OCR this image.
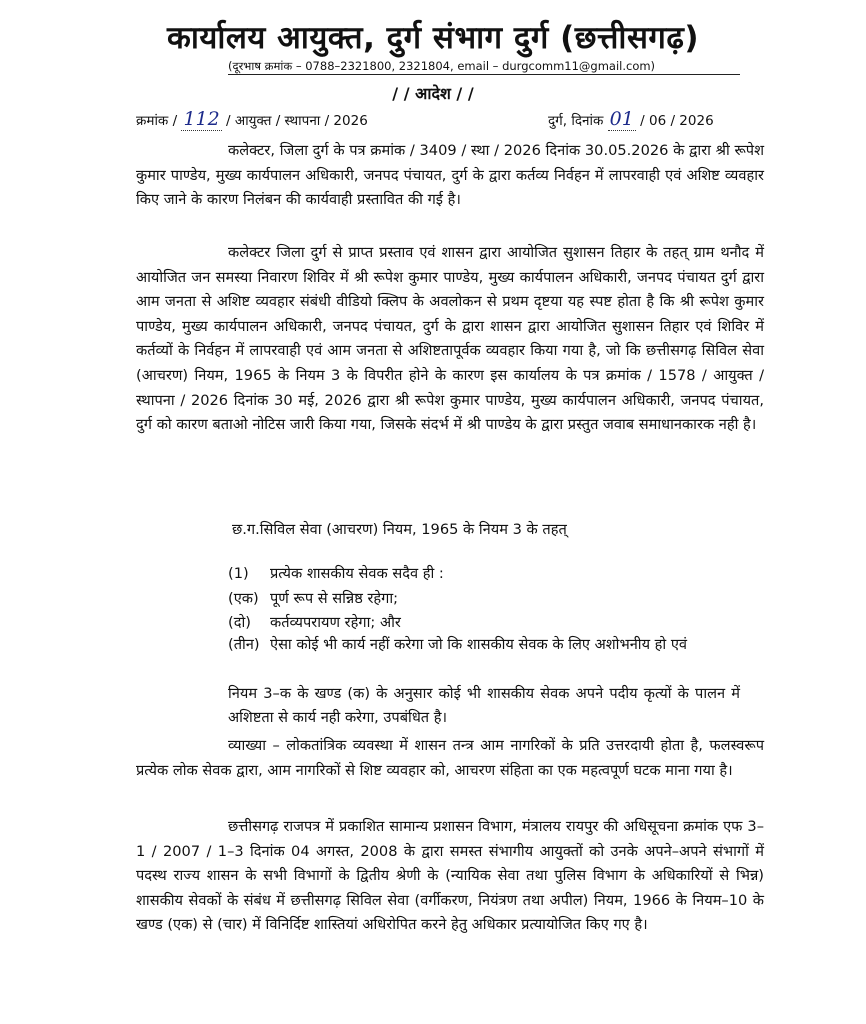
कार्यालय आयुक्त, दुर्ग संभाग दुर्ग (छत्तीसगढ़)
(दूरभाष क्रमांक – 0788–2321800, 2321804, email – durgcomm11@gmail.com)
/ / आदेश / /
क्रमांक / 112 / आयुक्त / स्थापना / 2026	दुर्ग, दिनांक 01 / 06 / 2026

कलेक्टर, जिला दुर्ग के पत्र क्रमांक / 3409 / स्था / 2026 दिनांक 30.05.2026 के द्वारा श्री रूपेश कुमार पाण्डेय, मुख्य कार्यपालन अधिकारी, जनपद पंचायत, दुर्ग के द्वारा कर्तव्य निर्वहन में लापरवाही एवं अशिष्ट व्यवहार किए जाने के कारण निलंबन की कार्यवाही प्रस्तावित की गई है।

कलेक्टर जिला दुर्ग से प्राप्त प्रस्ताव एवं शासन द्वारा आयोजित सुशासन तिहार के तहत् ग्राम थनौद में आयोजित जन समस्या निवारण शिविर में श्री रूपेश कुमार पाण्डेय, मुख्य कार्यपालन अधिकारी, जनपद पंचायत दुर्ग द्वारा आम जनता से अशिष्ट व्यवहार संबंधी वीडियो क्लिप के अवलोकन से प्रथम दृष्टया यह स्पष्ट होता है कि श्री रूपेश कुमार पाण्डेय, मुख्य कार्यपालन अधिकारी, जनपद पंचायत, दुर्ग के द्वारा शासन द्वारा आयोजित सुशासन तिहार एवं शिविर में कर्तव्यों के निर्वहन में लापरवाही एवं आम जनता से अशिष्टतापूर्वक व्यवहार किया गया है, जो कि छत्तीसगढ़ सिविल सेवा (आचरण) नियम, 1965 के नियम 3 के विपरीत होने के कारण इस कार्यालय के पत्र क्रमांक / 1578 / आयुक्त / स्थापना / 2026 दिनांक 30 मई, 2026 द्वारा श्री रूपेश कुमार पाण्डेय, मुख्य कार्यपालन अधिकारी, जनपद पंचायत, दुर्ग को कारण बताओ नोटिस जारी किया गया, जिसके संदर्भ में श्री पाण्डेय के द्वारा प्रस्तुत जवाब समाधानकारक नही है।

छ.ग.सिविल सेवा (आचरण) नियम, 1965 के नियम 3 के तहत्
(1)	प्रत्येक शासकीय सेवक सदैव ही :
(एक) पूर्ण रूप से सन्निष्ठ रहेगा;
(दो)	कर्तव्यपरायण रहेगा; और
(तीन) ऐसा कोई भी कार्य नहीं करेगा जो कि शासकीय सेवक के लिए अशोभनीय हो एवं
नियम 3–क के खण्ड (क) के अनुसार कोई भी शासकीय सेवक अपने पदीय कृत्यों के पालन में अशिष्टता से कार्य नही करेगा, उपबंधित है।

व्याख्या – लोकतांत्रिक व्यवस्था में शासन तन्त्र आम नागरिकों के प्रति उत्तरदायी होता है, फलस्वरूप प्रत्येक लोक सेवक द्वारा, आम नागरिकों से शिष्ट व्यवहार को, आचरण संहिता का एक महत्वपूर्ण घटक माना गया है।

छत्तीसगढ़ राजपत्र में प्रकाशित सामान्य प्रशासन विभाग, मंत्रालय रायपुर की अधिसूचना क्रमांक एफ 3–1 / 2007 / 1–3 दिनांक 04 अगस्त, 2008 के द्वारा समस्त संभागीय आयुक्तों को उनके अपने–अपने संभागों में पदस्थ राज्य शासन के सभी विभागों के द्वितीय श्रेणी के (न्यायिक सेवा तथा पुलिस विभाग के अधिकारियों से भिन्न) शासकीय सेवकों के संबंध में छत्तीसगढ़ सिविल सेवा (वर्गीकरण, नियंत्रण तथा अपील) नियम, 1966 के नियम–10 के खण्ड (एक) से (चार) में विनिर्दिष्ट शास्तियां अधिरोपित करने हेतु अधिकार प्रत्यायोजित किए गए है।
